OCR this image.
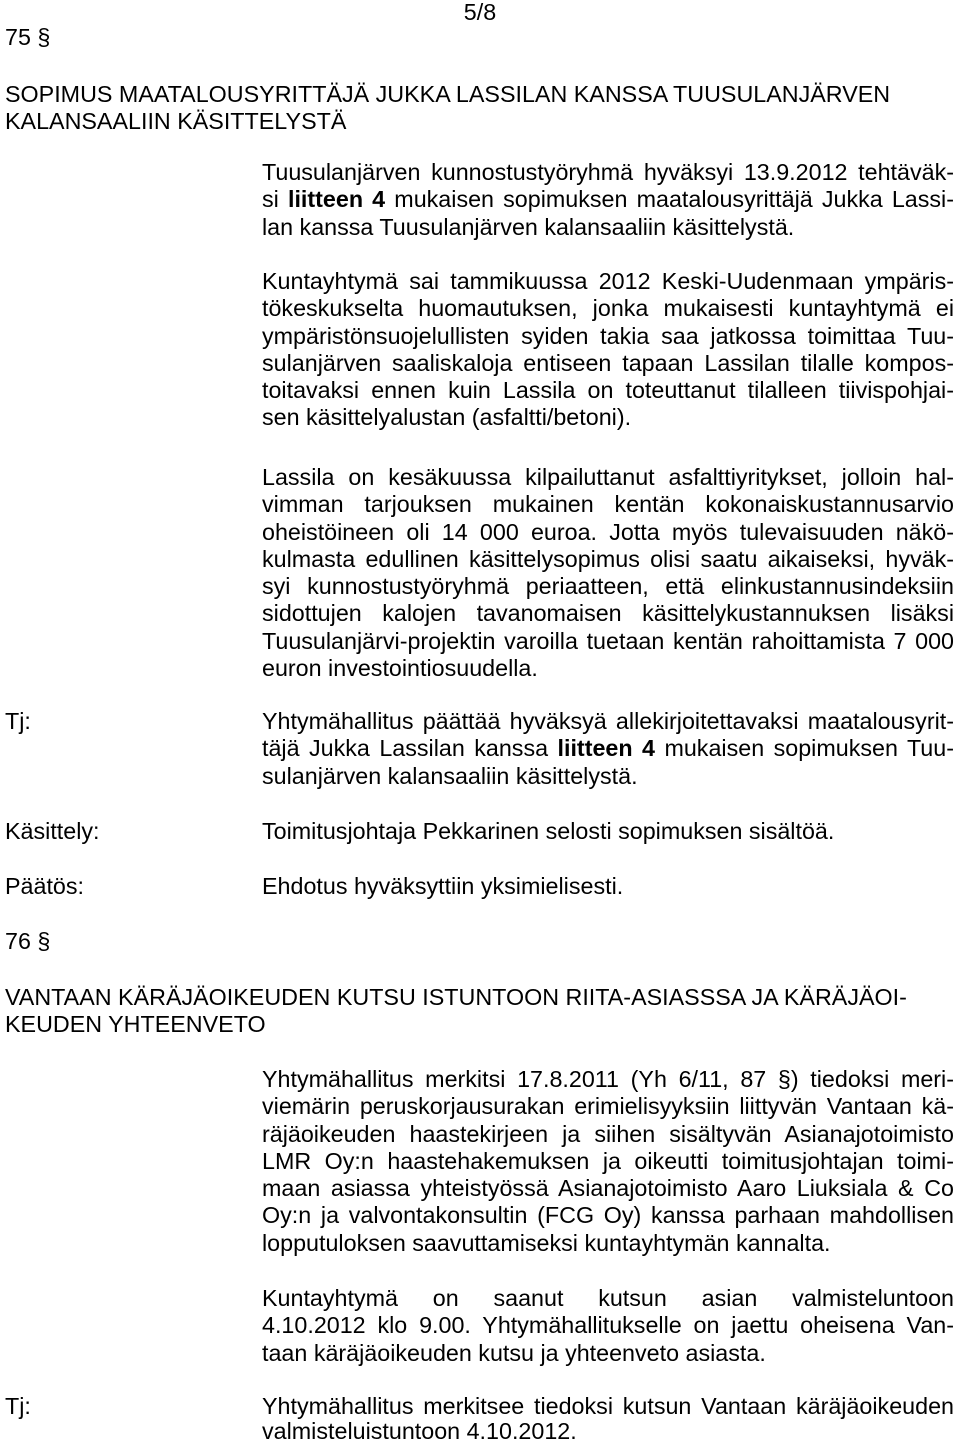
5/8
75 §
SOPIMUS MAATALOUSYRITTÄJÄ JUKKA LASSILAN KANSSA TUUSULANJÄRVEN
KALANSAALIIN KÄSITTELYSTÄ
Tuusulanjärven kunnostustyöryhmä hyväksyi 13.9.2012 tehtäväk-
si liitteen 4 mukaisen sopimuksen maatalousyrittäjä Jukka Lassi-
lan kanssa Tuusulanjärven kalansaaliin käsittelystä.
Kuntayhtymä sai tammikuussa 2012 Keski-Uudenmaan ympäris-
tökeskukselta huomautuksen, jonka mukaisesti kuntayhtymä ei
ympäristönsuojelullisten syiden takia saa jatkossa toimittaa Tuu-
sulanjärven saaliskaloja entiseen tapaan Lassilan tilalle kompos-
toitavaksi ennen kuin Lassila on toteuttanut tilalleen tiivispohjai-
sen käsittelyalustan (asfaltti/betoni).
Lassila on kesäkuussa kilpailuttanut asfalttiyritykset, jolloin hal-
vimman tarjouksen mukainen kentän kokonaiskustannusarvio
oheistöineen oli 14 000 euroa. Jotta myös tulevaisuuden näkö-
kulmasta edullinen käsittelysopimus olisi saatu aikaiseksi, hyväk-
syi kunnostustyöryhmä periaatteen, että elinkustannusindeksiin
sidottujen kalojen tavanomaisen käsittelykustannuksen lisäksi
Tuusulanjärvi-projektin varoilla tuetaan kentän rahoittamista 7 000
euron investointiosuudella.
Tj:	Yhtymähallitus päättää hyväksyä allekirjoitettavaksi maatalousyrit-
täjä Jukka Lassilan kanssa liitteen 4 mukaisen sopimuksen Tuu-
sulanjärven kalansaaliin käsittelystä.
Käsittely:	Toimitusjohtaja Pekkarinen selosti sopimuksen sisältöä.
Päätös:	Ehdotus hyväksyttiin yksimielisesti.
76 §
VANTAAN KÄRÄJÄOIKEUDEN KUTSU ISTUNTOON RIITA-ASIASSSA JA KÄRÄJÄOI-
KEUDEN YHTEENVETO
Yhtymähallitus merkitsi 17.8.2011 (Yh 6/11, 87 §) tiedoksi meri-
viemärin peruskorjausurakan erimielisyyksiin liittyvän Vantaan kä-
räjäoikeuden haastekirjeen ja siihen sisältyvän Asianajotoimisto
LMR Oy:n haastehakemuksen ja oikeutti toimitusjohtajan toimi-
maan asiassa yhteistyössä Asianajotoimisto Aaro Liuksiala & Co
Oy:n ja valvontakonsultin (FCG Oy) kanssa parhaan mahdollisen
lopputuloksen saavuttamiseksi kuntayhtymän kannalta.
Kuntayhtymä on saanut kutsun asian valmisteluntoon
4.10.2012 klo 9.00. Yhtymähallitukselle on jaettu oheisena Van-
taan käräjäoikeuden kutsu ja yhteenveto asiasta.
Tj:	Yhtymähallitus merkitsee tiedoksi kutsun Vantaan käräjäoikeuden
valmisteluistuntoon 4.10.2012.
